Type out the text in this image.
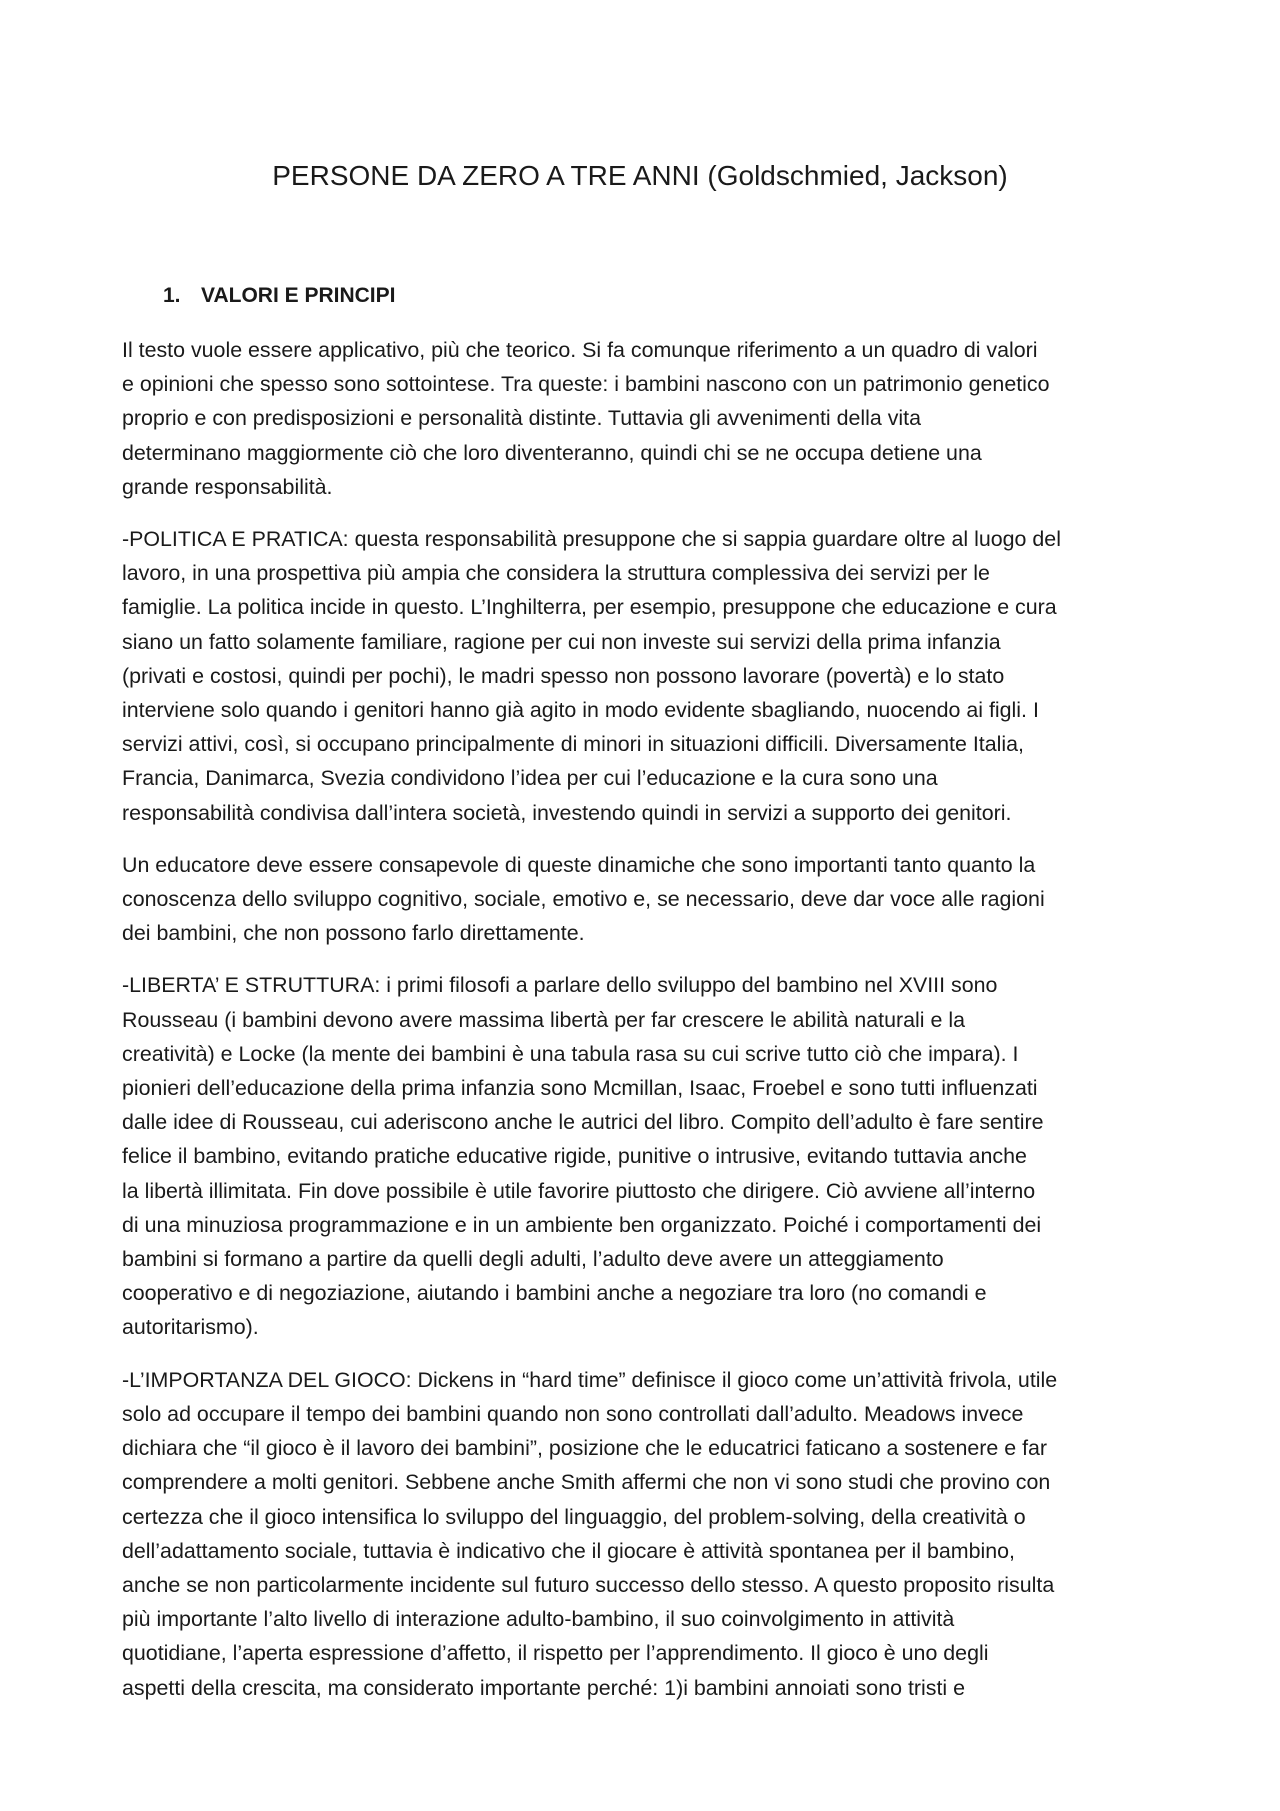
PERSONE DA ZERO A TRE ANNI (Goldschmied, Jackson)
1. VALORI E PRINCIPI

Il testo vuole essere applicativo, più che teorico. Si fa comunque riferimento a un quadro di valori
e opinioni che spesso sono sottointese. Tra queste: i bambini nascono con un patrimonio genetico
proprio e con predisposizioni e personalità distinte. Tuttavia gli avvenimenti della vita
determinano maggiormente ciò che loro diventeranno, quindi chi se ne occupa detiene una
grande responsabilità.

-POLITICA E PRATICA: questa responsabilità presuppone che si sappia guardare oltre al luogo del
lavoro, in una prospettiva più ampia che considera la struttura complessiva dei servizi per le
famiglie. La politica incide in questo. L’Inghilterra, per esempio, presuppone che educazione e cura
siano un fatto solamente familiare, ragione per cui non investe sui servizi della prima infanzia
(privati e costosi, quindi per pochi), le madri spesso non possono lavorare (povertà) e lo stato
interviene solo quando i genitori hanno già agito in modo evidente sbagliando, nuocendo ai figli. I
servizi attivi, così, si occupano principalmente di minori in situazioni difficili. Diversamente Italia,
Francia, Danimarca, Svezia condividono l’idea per cui l’educazione e la cura sono una
responsabilità condivisa dall’intera società, investendo quindi in servizi a supporto dei genitori.

Un educatore deve essere consapevole di queste dinamiche che sono importanti tanto quanto la
conoscenza dello sviluppo cognitivo, sociale, emotivo e, se necessario, deve dar voce alle ragioni
dei bambini, che non possono farlo direttamente.

-LIBERTA’ E STRUTTURA: i primi filosofi a parlare dello sviluppo del bambino nel XVIII sono
Rousseau (i bambini devono avere massima libertà per far crescere le abilità naturali e la
creatività) e Locke (la mente dei bambini è una tabula rasa su cui scrive tutto ciò che impara). I
pionieri dell’educazione della prima infanzia sono Mcmillan, Isaac, Froebel e sono tutti influenzati
dalle idee di Rousseau, cui aderiscono anche le autrici del libro. Compito dell’adulto è fare sentire
felice il bambino, evitando pratiche educative rigide, punitive o intrusive, evitando tuttavia anche
la libertà illimitata. Fin dove possibile è utile favorire piuttosto che dirigere. Ciò avviene all’interno
di una minuziosa programmazione e in un ambiente ben organizzato. Poiché i comportamenti dei
bambini si formano a partire da quelli degli adulti, l’adulto deve avere un atteggiamento
cooperativo e di negoziazione, aiutando i bambini anche a negoziare tra loro (no comandi e
autoritarismo).

-L’IMPORTANZA DEL GIOCO: Dickens in “hard time” definisce il gioco come un’attività frivola, utile
solo ad occupare il tempo dei bambini quando non sono controllati dall’adulto. Meadows invece
dichiara che “il gioco è il lavoro dei bambini”, posizione che le educatrici faticano a sostenere e far
comprendere a molti genitori. Sebbene anche Smith affermi che non vi sono studi che provino con
certezza che il gioco intensifica lo sviluppo del linguaggio, del problem-solving, della creatività o
dell’adattamento sociale, tuttavia è indicativo che il giocare è attività spontanea per il bambino,
anche se non particolarmente incidente sul futuro successo dello stesso. A questo proposito risulta
più importante l’alto livello di interazione adulto-bambino, il suo coinvolgimento in attività
quotidiane, l’aperta espressione d’affetto, il rispetto per l’apprendimento. Il gioco è uno degli
aspetti della crescita, ma considerato importante perché: 1)i bambini annoiati sono tristi e
